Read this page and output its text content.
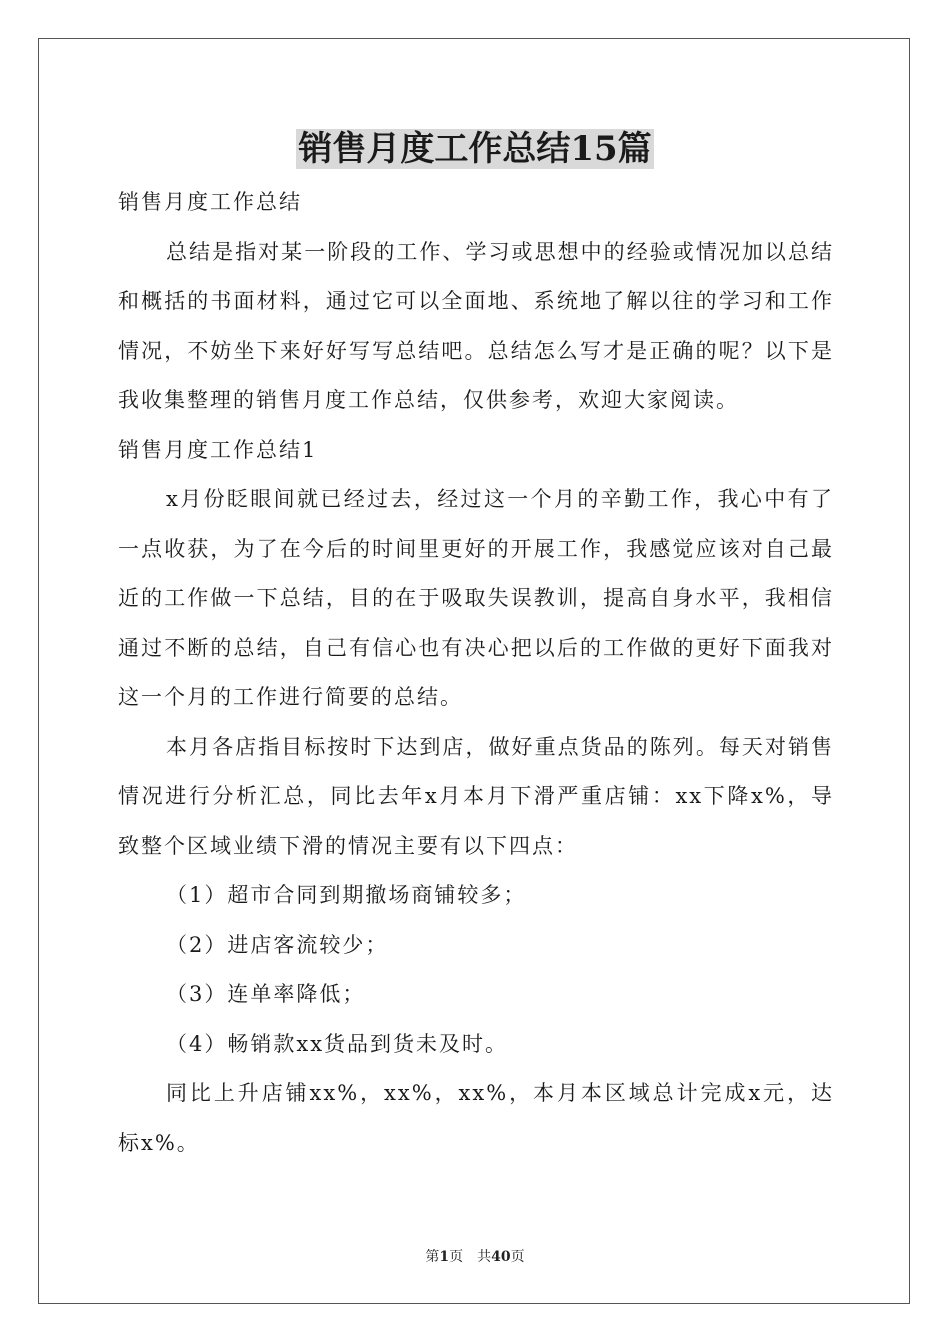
销售月度工作总结15篇

销售月度工作总结

总结是指对某一阶段的工作、学习或思想中的经验或情况加以总结和概括的书面材料，通过它可以全面地、系统地了解以往的学习和工作情况，不妨坐下来好好写写总结吧。总结怎么写才是正确的呢？以下是我收集整理的销售月度工作总结，仅供参考，欢迎大家阅读。

销售月度工作总结1

x月份眨眼间就已经过去，经过这一个月的辛勤工作，我心中有了一点收获，为了在今后的时间里更好的开展工作，我感觉应该对自己最近的工作做一下总结，目的在于吸取失误教训，提高自身水平，我相信通过不断的总结，自己有信心也有决心把以后的工作做的更好下面我对这一个月的工作进行简要的总结。

本月各店指目标按时下达到店，做好重点货品的陈列。每天对销售情况进行分析汇总，同比去年x月本月下滑严重店铺：xx下降x%，导致整个区域业绩下滑的情况主要有以下四点：

（1）超市合同到期撤场商铺较多；

（2）进店客流较少；

（3）连单率降低；

（4）畅销款xx货品到货未及时。

同比上升店铺xx%，xx%，xx%，本月本区域总计完成x元，达标x%。

第1页 共40页
